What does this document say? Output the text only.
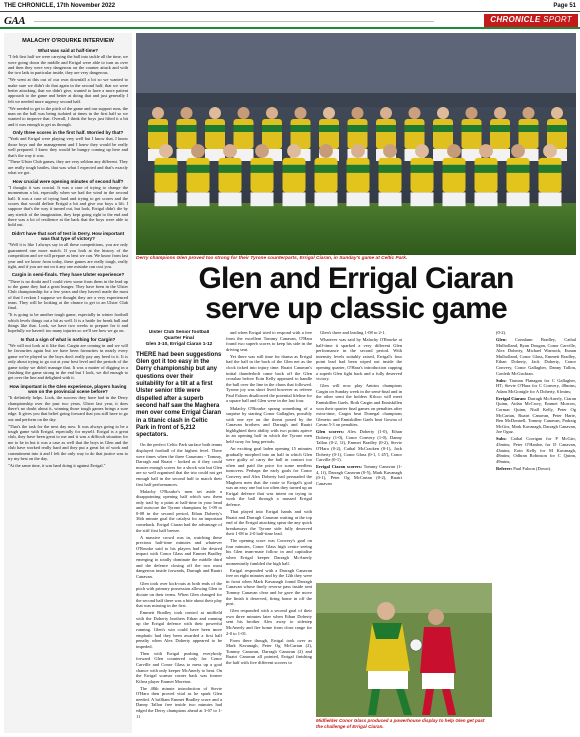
THE CHRONICLE, 17th November 2022	Page 51
GAA	CHRONICLE SPORT
MALACHY O'ROURKE INTERVIEW
What was said at half-time?

"I felt first half we were carrying the ball into tackle all the time, we were going down the middle and Errigal were able to turn us over and then they were very dangerous on the counter attack and with the two lads in particular inside, they are very dangerous.

"We went at this out of our own downfall a lot so we wanted to make sure we didn't do that again in the second half, that we were better attacking, that we didn't give, wanted to have a more patient approach to the game and better at doing that and just generally I felt we needed more urgency second half.

"We needed to get to the pitch of the game and our support runs, the man on the ball was being isolated at times in the first half so we wanted to improve that. Overall, I think the boys just lifted it a bit and it was enough to get us through.

Only three scores in the first half. Worried by that?

"Yeah and Errigal were playing very well but I know that, I know those boys and the management and I knew they would be really well prepared. I knew they would be hungry coming up here and that's the way it was.

"These Ulster Club games, they are very seldom any different. They are really tough battles, that was what I expected and that's exactly what we got.

How crucial were opening minutes of second half?

"I thought it was crucial. It was a case of trying to change the momentum a bit, especially when we had the wind in the second half. It was a case of trying hard and trying to get scores and the scores that would deflate Errigal a bit and give our boys a lift. I suppose that's the way it turned out, but look, Errigal didn't die by any stretch of the imagination, they kept going right to the end and there was a lot of resilience at the back that the boys were able to hold out.

Didn't have that sort of test in Derry. How important was that type of victory?

"Well it is like I always say in all these competitions, you are only guaranteed one more match. If you look at the history of the competition and we will prepare as best we can. We know from last year and we know from today, these games are really tough, really tight, and if you are not on it any one mistake can cost you.

Cargin in semi-finals. They have Ulster experience?

"There is no doubt and I could view some from them in the lead up to the game they had a great hunger. They have been in the Ulster Club championship for a few years and they haven't made the most of that I reckon I suppose we thought they are a very experienced team. They will be looking at the chance to get to an Ulster Club final.

"It is going to be another tough game, especially in winter football which levels things out a bit as well. It is a battle for break ball and things like that. Look, we have two weeks to prepare for it and hopefully we haven't too many injuries so we'll see how we go on.

Is that a sign of what is nothing for Cargin?

"We will not look at it like that. Cargin are coming in and we will be favourites again but we have been favourites in nearly every game we've played so the boys don't really pay any heed to it. It is only about trying to go out at your best level and the periods of the game today we didn't manage that. It was a matter of digging in a finishing the game strong in the end but I look, we did enough to get over the line and delighted with it.

How important is the Glen experience, players having won on the provincial scene before?

"It definitely helps. Look, the success they have had in the Derry championship over the past two years, Ulster last year, it does there's no doubt about it, winning those tough games brings a sure edge. It gives you that belief going forward that you still have to go out and perform on the day.

"That's the task for the next day now. It was always going to be a tough game with Errigal, especially for myself. Errigal is a great club, they have been great to me and it was a difficult situation for me to be in but it was a case as well that the boys in Glen and the club have worked really hard and they put a great lot of work and commitment into it and I felt the only way to do that justice was to try my best on the day.

"At the same time, it was hard doing it against Errigal."

Derry champions Glen proved too strong for their Tyrone counterparts, Errigal Ciaran, in Sunday's game at Celtic Park.
Glen and Errigal Ciaran
serve up classic game
Ulster Club Senior football
Quarter Final
Glen 3-10, Errigal Ciaran 1-12
THERE had been suggestions Glen got it too easy in the Derry championship but any questions over their suitability for a tilt at a first Ulster senior title were dispelled after a superb second half saw the Maghera men over come Errigal Ciaran in a titanic clash in Celtic Park in front of 5,212 spectators.

On the perfect Celtic Park surface both teams displayed football of the highest level. There were times when the three Canavans - Tommy, Darragh and Ruairi - looked as if they could muster enough scores for a shock win but Glen are so well organised that the trio could not get enough ball in the second half to match their first half performances.

Malachy O'Rourke's men set aside a disappointing opening half which saw them only trail by a point at half-time in your head and outscore the Tyrone champions by 1-09 to 0-08 in the second period, Ethan Doherty's 36th minute goal the catalyst for an important comeback. Errigal Ciaran had the advantage of the stiff first half breeze.

A massive crowd was in, watching these precious half-time minutes and whatever O'Rourke said to his players had the desired impact with Conor Glass and Emmet Bradley emerging to totally dominate the middle third and the defence closing off the two most dangerous inside forwards, Darragh and Ruairi Canavan.

Glen took over kick-outs at both ends of the pitch with primary possession allowing Glen to dictate on their terms. When Glen changed for the second half there was a bite about their play that was missing in the first.

Emmett Bradley took control at midfield with the Doherty brothers Ethan and running up the Errigal defence with their powerful running. Glen's win could have been more emphatic had they been awarded a first half penalty when Alex Doherty appeared to be impeded.

Then with Errigal pushing everybody forward Glen countered only for Conor Carville and Conor Glass to mess up a goal chance with only keeper McAnerly to beat. On the Errigal scamar corner back was former Kilrea player Emmet Moreton.

The 48th minute introduction of Stevie O'Hara then proved vital as he spark Glen needed. A brilliant Emmet Bradley score and a Danny Tallon free inside two minutes had edged the Derry champions ahead at 3-07 to 1-11

and when Errigal tried to respond with a free from the excellent Tommy Canavan, O'Hara found two superb scores to keep his side in the driving seat.

Yet there was still time for drama as Errigal had the ball in the back of the Glen net as the clock ticked into injury time. Ruairi Canavan's initial thunderbolt came back off the Glen crossbar before Eoin Kelly appeared to handle the ball over the line in the chaos that followed. Tyrone joy was short lived however as referee Paul Faloon disallowed the potential lifeline for a square ball and Glen were in the last four.

Malachy O'Rourke sprang something of a surprise by starting Conor Gallagher, possibly with one eye on the threat posed by the Canavan brothers and Darragh and Ruairi highlighted their ability with two points apiece in an opening half in which the Tyrone men held sway for long periods.

An exciting goal laden opening 15 minutes gradually morphed into an half in which Glen were guilty of carry the ball in contact too often and paid the price for some needless turnovers. Perhaps the early goals for Conor Convery and Alex Doherty had persuaded the Maghera men that the route to Errigal's goal was an easy one but too often they turned up an Errigal defence that was intent on trying to work the ball through a massed Errigal defence.

That played into Errigal hands and with Ruairi and Darragh Canavan waiting at the top end of the Errigal attacking spear the any quick breakaways the Tyrone side fully deserved their 1-08 to 2-0 half-time lead.

The opening score was Convery's goal on four minutes, Conor Glass high centre seeing his Glen team-mate follow in and capitalise when Errigal keeper Darragh McAnerly momentarily fumbled the high ball.

Errigal responded with a Darragh Canavan free on eight minutes and by the 12th they were in front when Mark Kavanagh found Darragh Canavan whose finely reverse pass inside sent Tommy Canavan clear and he gave the move the finish it deserved, firing home in off the post.

Glen responded with a second goal of their own three minutes later when Ethan Doherty sent his brother Alex away to sidestep McAnerly and fire home from close range for 2-0 to 1-01.

From there though, Errigal took over as Mark Kavanagh, Peter Og McCartan (2), Tommy Canavan, Darragh Canavan (2) and Ruairi Canavan all pointed, Errigal finishing the half with five different scorers to

Glen's three and leading 1-08 to 2-1.

Whatever was said by Malachy O'Rourke at half-time it sparked a very different Glen performance in the second period. With intensity levels suitably raised, Errigal's four point lead had been wiped out inside the opening quarter, O'Hara's introduction capping a superb Glen fight back and a fully deserved victory.

Glen will now play Antrim champions Cargin on Sunday week in the semi-final and in the other semi the holders Kilcoo will meet Enniskillen Gaels. Both Cargin and Enniskillen won their quarter final games on penalties after extra-time, Cargin beat Donegal champions Gleneirc and Enniskillen Gaels beat Gowna of Cavan 5-3 on penalties.

Glen scorers: Alex Doherty (1-0), Ethan Doherty (1-0), Conor Convery (1-0), Danny Tallon (0-2, 1f), Emmet Bradley (0-2), Stevie O'Hara (0-2), Cathal McCracken (0-1), Jack Doherty (0-1), Conor Glass (0-1, 1 45'), Conor Carville (0-1).

Errigal Ciaran scorers: Tommy Canavan (1-4, 1f), Darragh Canavan (0-5), Mark Kavanagh (0-1), Peter Og McCartan (0-2), Ruairi Canavan

(0-2).

Glen: Connlann Bradley, Cathal Mulholland, Ryan Dougan, Conor Carville, Alex Doherty, Michael Warnock, Eunan Mulholland, Conor Glass, Emmett Bradley, Ethan Doherty, Jack Doherty, Conor Convery, Conor Gallagher, Danny Tallon, Conleth McGuckian.

Subs: Tiarnan Flanagan for C Gallagher, HT; Stevie O'Hara for C Convery, 48mins; Adam McGonigle for A Doherty, 61mins;

Errigal Ciaran: Darragh McAnerly, Ciaran Quinn, Aidan McCrory, Emmet Morrow, Cormac Quinn, Niall Kelly, Peter Og McCartan, Ruairi Canavan, Peter Harte, Ben McDonnell, Tommy Canavan, Padraig McGirr, Mark Kavanagh, Darragh Canavan, Joe Oguz.

Subs: Cathal Corrigan for P McGirr, 43mins; Peter O'Hanlon for D Canavan, 43mins; Eoin Kelly for M Kavanagh, 48mins; Odhran Robinson for C Quinn, 49mins;

Referee: Paul Faloon (Down).

Midfielder Conor Glass produced a powerhouse display to help Glen get past the challenge of Errigal Ciaran.
